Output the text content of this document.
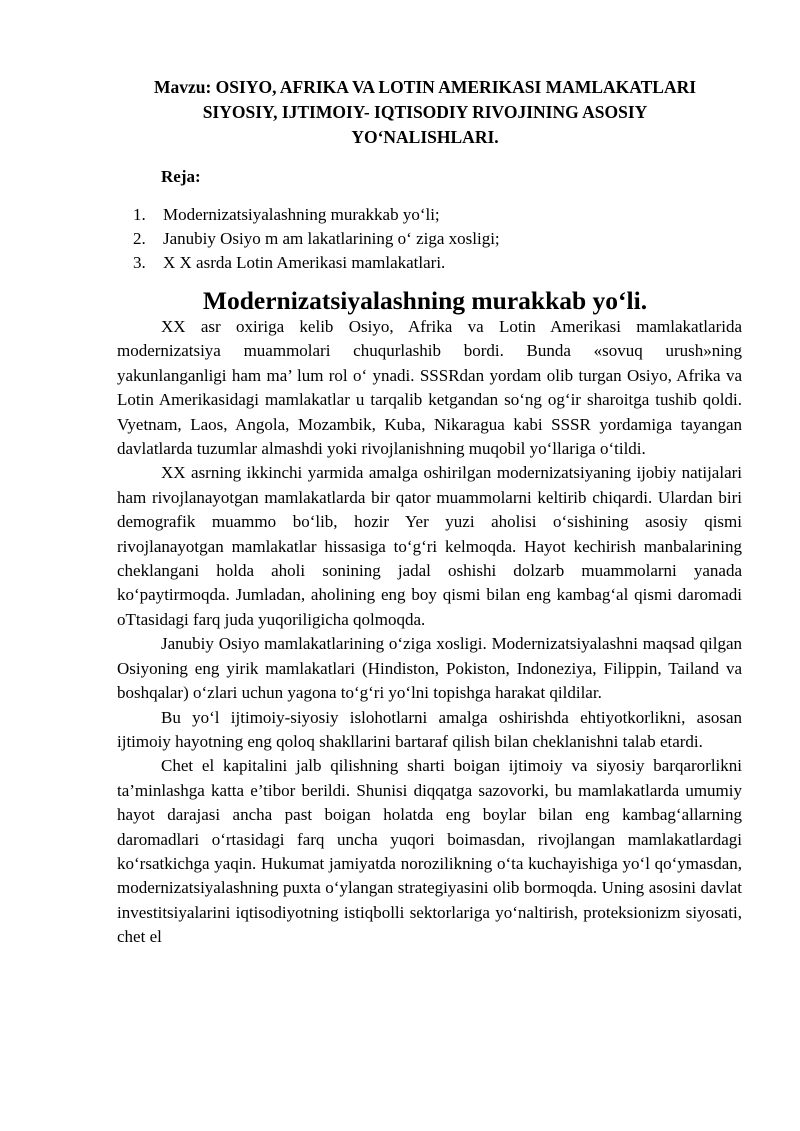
Mavzu: OSIYO, AFRIKA VA LOTIN AMERIKASI MAMLAKATLARI
SIYOSIY, IJTIMOIY- IQTISODIY RIVOJINING ASOSIY
YO‘NALISHLARI.

Reja:

1.	Modernizatsiyalashning murakkab yo‘li;
2.	Janubiy Osiyo m am lakatlarining o‘ ziga xosligi;
3.	X X asrda Lotin Amerikasi mamlakatlari.
Modernizatsiyalashning murakkab yo‘li.

XX asr oxiriga kelib Osiyo, Afrika va Lotin Amerikasi mamlakatlarida modernizatsiya muammolari chuqurlashib bordi. Bunda «sovuq urush»ning yakunlanganligi ham ma’ lum rol o‘ ynadi. SSSRdan yordam olib turgan Osiyo, Afrika va Lotin Amerikasidagi mamlakatlar u tarqalib ketgandan so‘ng og‘ir sharoitga tushib qoldi. Vyetnam, Laos, Angola, Mozambik, Kuba, Nikaragua kabi SSSR yordamiga tayangan davlatlarda tuzumlar almashdi yoki rivojlanishning muqobil yo‘llariga o‘tildi.

XX asrning ikkinchi yarmida amalga oshirilgan modernizatsiyaning ijobiy natijalari ham rivojlanayotgan mamlakatlarda bir qator muammolarni keltirib chiqardi. Ulardan biri demografik muammo bo‘lib, hozir Yer yuzi aholisi o‘sishining asosiy qismi rivojlanayotgan mamlakatlar hissasiga to‘g‘ri kelmoqda. Hayot kechirish manbalarining cheklangani holda aholi sonining jadal oshishi dolzarb muammolarni yanada ko‘paytirmoqda. Jumladan, aholining eng boy qismi bilan eng kambag‘al qismi daromadi oTtasidagi farq juda yuqoriligicha qolmoqda.

Janubiy Osiyo mamlakatlarining o‘ziga xosligi. Modernizatsiyalashni maqsad qilgan Osiyoning eng yirik mamlakatlari (Hindiston, Pokiston, Indoneziya, Filippin, Tailand va boshqalar) o‘zlari uchun yagona to‘g‘ri yo‘lni topishga harakat qildilar.

Bu yo‘l ijtimoiy-siyosiy islohotlarni amalga oshirishda ehtiyotkorlikni, asosan ijtimoiy hayotning eng qoloq shakllarini bartaraf qilish bilan cheklanishni talab etardi.

Chet el kapitalini jalb qilishning sharti boigan ijtimoiy va siyosiy barqarorlikni ta’minlashga katta e’tibor berildi. Shunisi diqqatga sazovorki, bu mamlakatlarda umumiy hayot darajasi ancha past boigan holatda eng boylar bilan eng kambag‘allarning daromadlari o‘rtasidagi farq uncha yuqori boimasdan, rivojlangan mamlakatlardagi ko‘rsatkichga yaqin. Hukumat jamiyatda norozilikning o‘ta kuchayishiga yo‘l qo‘ymasdan, modernizatsiyalashning puxta o‘ylangan strategiyasini olib bormoqda. Uning asosini davlat investitsiyalarini iqtisodiyotning istiqbolli sektorlariga yo‘naltirish, proteksionizm siyosati, chet el
